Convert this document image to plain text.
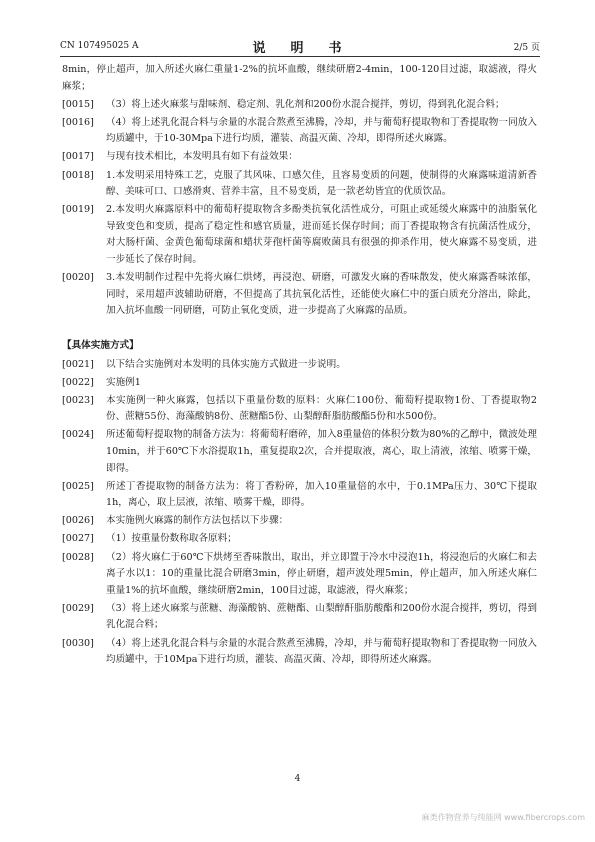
CN 107495025 A	说　明　书	2/5 页
8min，停止超声，加入所述火麻仁重量1-2%的抗坏血酸，继续研磨2-4min，100-120目过滤，取滤液，得火麻浆；
[0015]	（3）将上述火麻浆与甜味剂、稳定剂、乳化剂和200份水混合搅拌，剪切，得到乳化混合料；
[0016]	（4）将上述乳化混合料与余量的水混合熬煮至沸腾，冷却，并与葡萄籽提取物和丁香提取物一同放入均质罐中，于10-30Mpa下进行均质，灌装、高温灭菌、冷却，即得所述火麻露。
[0017]	与现有技术相比，本发明具有如下有益效果：
[0018]	1.本发明采用特殊工艺，克服了其风味、口感欠佳，且容易变质的问题，使制得的火麻露味道清新香醇、美味可口、口感滑爽、营养丰富，且不易变质，是一款老幼皆宜的优质饮品。
[0019]	2.本发明火麻露原料中的葡萄籽提取物含多酚类抗氧化活性成分，可阻止或延缓火麻露中的油脂氧化导致变色和变质，提高了稳定性和感官质量，进而延长保存时间；而丁香提取物含有抗菌活性成分，对大肠杆菌、金黄色葡萄球菌和蜡状芽孢杆菌等腐败菌具有很强的抑杀作用，使火麻露不易变质，进一步延长了保存时间。
[0020]	3.本发明制作过程中先将火麻仁烘烤，再浸泡、研磨，可激发火麻的香味散发，使火麻露香味浓郁，同时，采用超声波辅助研磨，不但提高了其抗氧化活性，还能使火麻仁中的蛋白质充分溶出，除此，加入抗坏血酸一同研磨，可防止氧化变质，进一步提高了火麻露的品质。
【具体实施方式】
[0021]	以下结合实施例对本发明的具体实施方式做进一步说明。
[0022]	实施例1
[0023]	本实施例一种火麻露，包括以下重量份数的原料：火麻仁100份、葡萄籽提取物1份、丁香提取物2份、蔗糖55份、海藻酸钠8份、蔗糖酯5份、山梨醇酐脂肪酸酯5份和水500份。
[0024]	所述葡萄籽提取物的制备方法为：将葡萄籽磨碎，加入8重量倍的体积分数为80%的乙醇中，微波处理10min，并于60℃下水浴提取1h，重复提取2次，合并提取液，离心，取上清液，浓缩、喷雾干燥，即得。
[0025]	所述丁香提取物的制备方法为：将丁香粉碎，加入10重量倍的水中，于0.1MPa压力、30℃下提取1h，离心，取上层液，浓缩、喷雾干燥，即得。
[0026]	本实施例火麻露的制作方法包括以下步骤：
[0027]	（1）按重量份数称取各原料；
[0028]	（2）将火麻仁于60℃下烘烤至香味散出，取出，并立即置于冷水中浸泡1h，将浸泡后的火麻仁和去离子水以1：10的重量比混合研磨3min，停止研磨，超声波处理5min，停止超声，加入所述火麻仁重量1%的抗坏血酸，继续研磨2min，100目过滤，取滤液，得火麻浆；
[0029]	（3）将上述火麻浆与蔗糖、海藻酸钠、蔗糖酯、山梨醇酐脂肪酸酯和200份水混合搅拌，剪切，得到乳化混合料；
[0030]	（4）将上述乳化混合料与余量的水混合熬煮至沸腾，冷却，并与葡萄籽提取物和丁香提取物一同放入均质罐中，于10Mpa下进行均质，灌装、高温灭菌、冷却，即得所述火麻露。
4
麻类作物营养与纯能网 www.fibercrops.com
